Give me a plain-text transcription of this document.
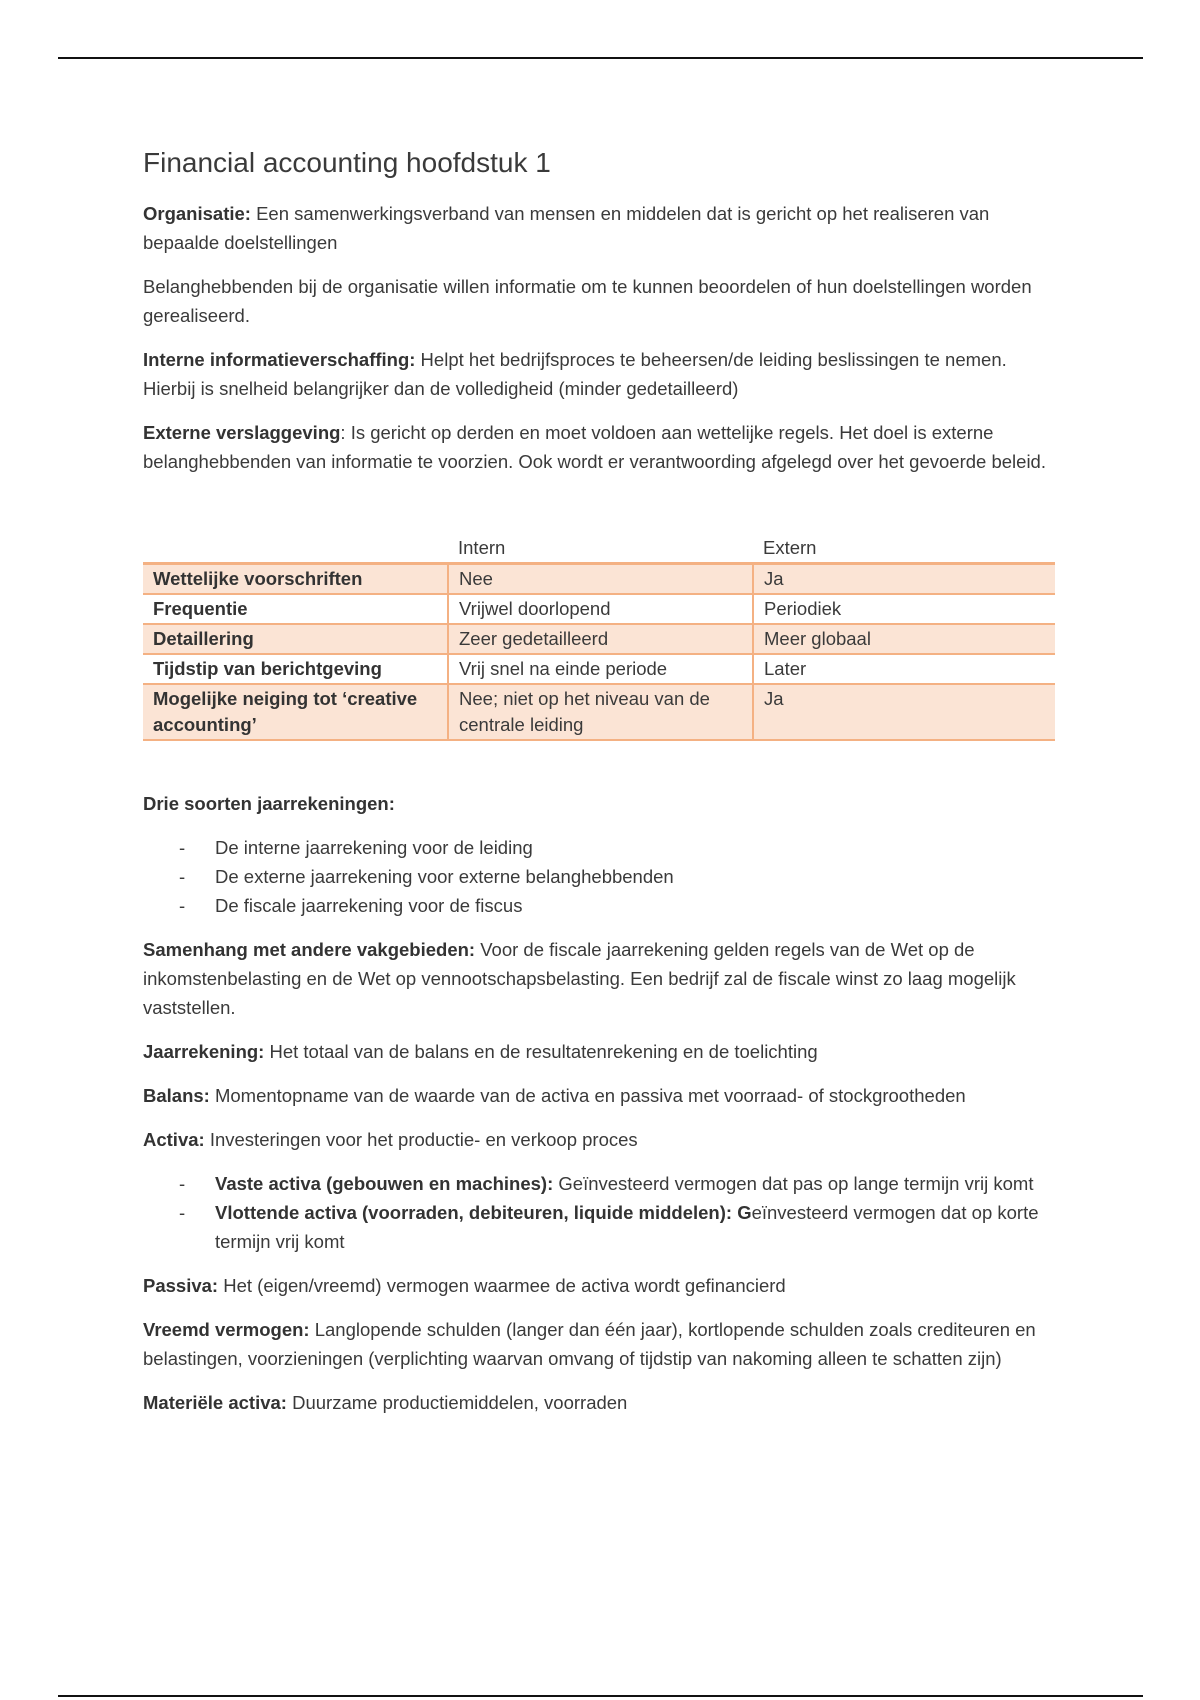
Financial accounting hoofdstuk 1

Organisatie: Een samenwerkingsverband van mensen en middelen dat is gericht op het realiseren van bepaalde doelstellingen

Belanghebbenden bij de organisatie willen informatie om te kunnen beoordelen of hun doelstellingen worden gerealiseerd.

Interne informatieverschaffing: Helpt het bedrijfsproces te beheersen/de leiding beslissingen te nemen. Hierbij is snelheid belangrijker dan de volledigheid (minder gedetailleerd)

Externe verslaggeving: Is gericht op derden en moet voldoen aan wettelijke regels. Het doel is externe belanghebbenden van informatie te voorzien. Ook wordt er verantwoording afgelegd over het gevoerde beleid.

	Intern	Extern
Wettelijke voorschriften	Nee	Ja
Frequentie	Vrijwel doorlopend	Periodiek
Detaillering	Zeer gedetailleerd	Meer globaal
Tijdstip van berichtgeving	Vrij snel na einde periode	Later
Mogelijke neiging tot ‘creative accounting’	Nee; niet op het niveau van de centrale leiding	Ja

Drie soorten jaarrekeningen:

- De interne jaarrekening voor de leiding
- De externe jaarrekening voor externe belanghebbenden
- De fiscale jaarrekening voor de fiscus

Samenhang met andere vakgebieden: Voor de fiscale jaarrekening gelden regels van de Wet op de inkomstenbelasting en de Wet op vennootschapsbelasting. Een bedrijf zal de fiscale winst zo laag mogelijk vaststellen.

Jaarrekening: Het totaal van de balans en de resultatenrekening en de toelichting

Balans: Momentopname van de waarde van de activa en passiva met voorraad- of stockgrootheden

Activa: Investeringen voor het productie- en verkoop proces

- Vaste activa (gebouwen en machines): Geïnvesteerd vermogen dat pas op lange termijn vrij komt
- Vlottende activa (voorraden, debiteuren, liquide middelen): Geïnvesteerd vermogen dat op korte termijn vrij komt

Passiva: Het (eigen/vreemd) vermogen waarmee de activa wordt gefinancierd

Vreemd vermogen: Langlopende schulden (langer dan één jaar), kortlopende schulden zoals crediteuren en belastingen, voorzieningen (verplichting waarvan omvang of tijdstip van nakoming alleen te schatten zijn)

Materiële activa: Duurzame productiemiddelen, voorraden
